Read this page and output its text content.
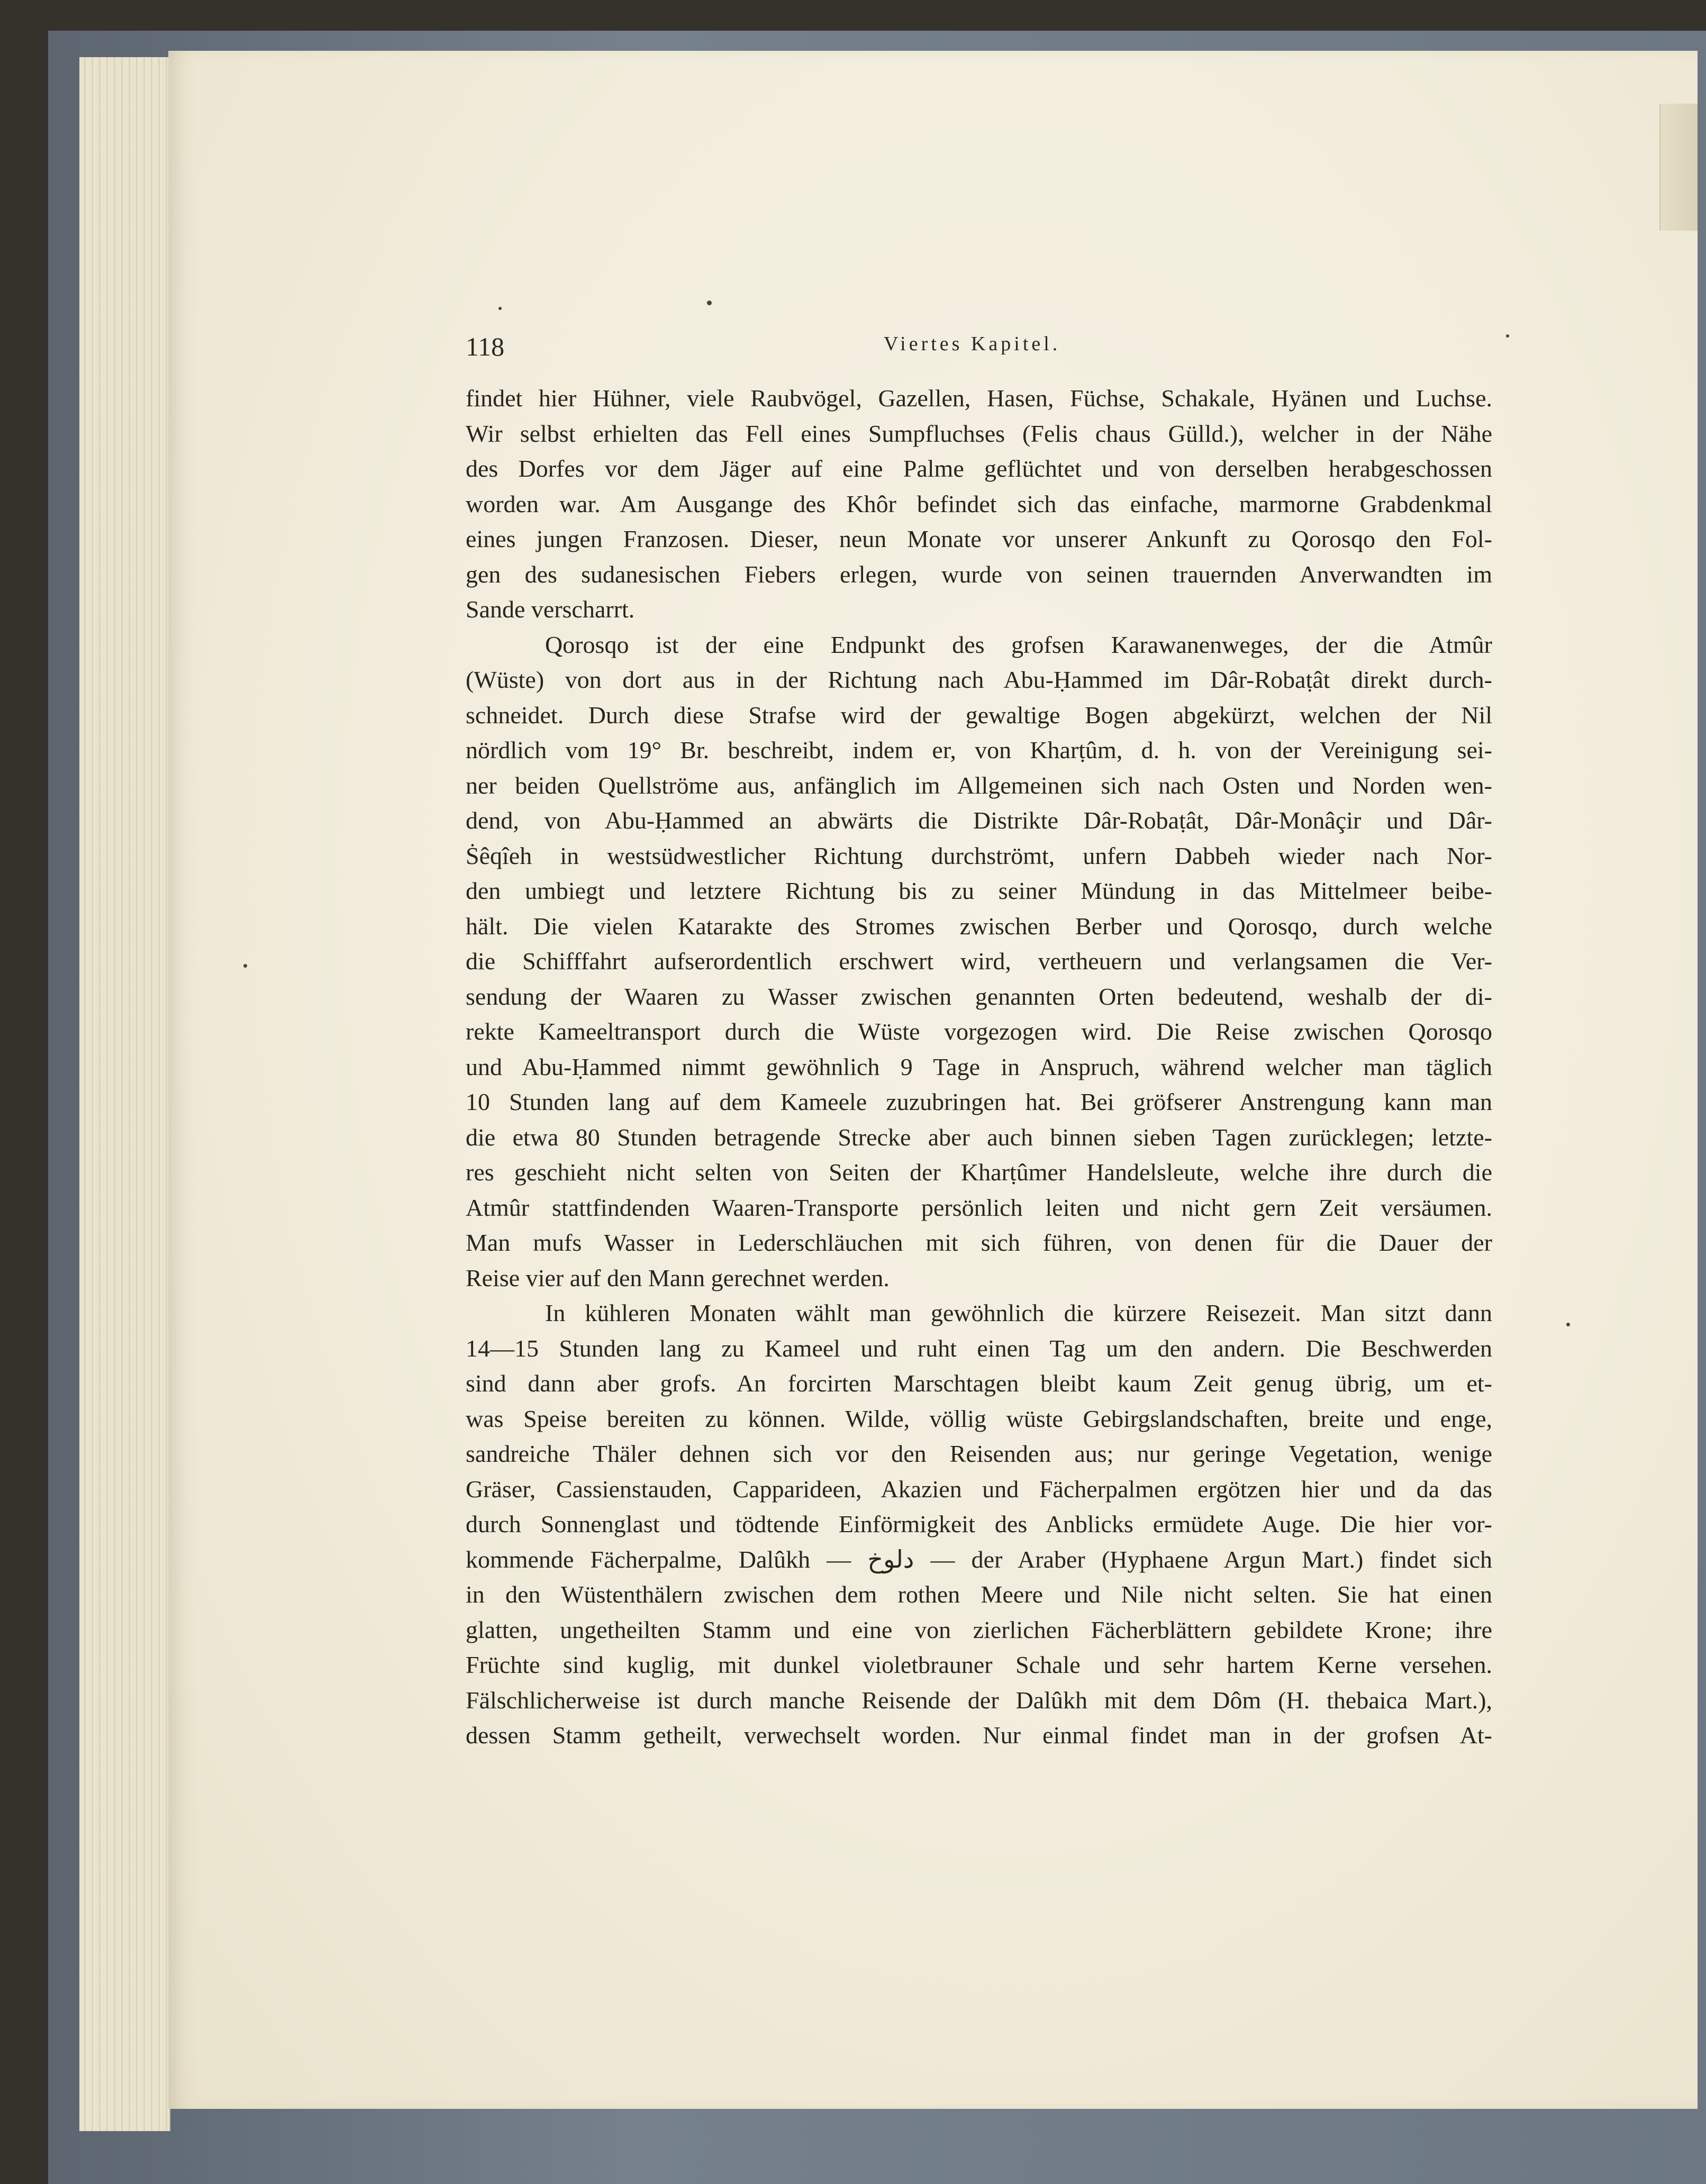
118	Viertes Kapitel.
findet hier Hühner, viele Raubvögel, Gazellen, Hasen, Füchse, Schakale, Hyänen und Luchse.
Wir selbst erhielten das Fell eines Sumpfluchses (Felis chaus Gülld.), welcher in der Nähe
des Dorfes vor dem Jäger auf eine Palme geflüchtet und von derselben herabgeschossen
worden war. Am Ausgange des Khôr befindet sich das einfache, marmorne Grabdenkmal
eines jungen Franzosen. Dieser, neun Monate vor unserer Ankunft zu Qorosqo den Fol-
gen des sudanesischen Fiebers erlegen, wurde von seinen trauernden Anverwandten im
Sande verscharrt.
Qorosqo ist der eine Endpunkt des grofsen Karawanenweges, der die Atmûr
(Wüste) von dort aus in der Richtung nach Abu-Ḥammed im Dâr-Robaṭât direkt durch-
schneidet. Durch diese Strafse wird der gewaltige Bogen abgekürzt, welchen der Nil
nördlich vom 19° Br. beschreibt, indem er, von Kharṭûm, d. h. von der Vereinigung sei-
ner beiden Quellströme aus, anfänglich im Allgemeinen sich nach Osten und Norden wen-
dend, von Abu-Ḥammed an abwärts die Distrikte Dâr-Robaṭât, Dâr-Monâçir und Dâr-
Ṡêqîeh in westsüdwestlicher Richtung durchströmt, unfern Dabbeh wieder nach Nor-
den umbiegt und letztere Richtung bis zu seiner Mündung in das Mittelmeer beibe-
hält. Die vielen Katarakte des Stromes zwischen Berber und Qorosqo, durch welche
die Schifffahrt aufserordentlich erschwert wird, vertheuern und verlangsamen die Ver-
sendung der Waaren zu Wasser zwischen genannten Orten bedeutend, weshalb der di-
rekte Kameeltransport durch die Wüste vorgezogen wird. Die Reise zwischen Qorosqo
und Abu-Ḥammed nimmt gewöhnlich 9 Tage in Anspruch, während welcher man täglich
10 Stunden lang auf dem Kameele zuzubringen hat. Bei gröfserer Anstrengung kann man
die etwa 80 Stunden betragende Strecke aber auch binnen sieben Tagen zurücklegen; letzte-
res geschieht nicht selten von Seiten der Kharṭûmer Handelsleute, welche ihre durch die
Atmûr stattfindenden Waaren-Transporte persönlich leiten und nicht gern Zeit versäumen.
Man mufs Wasser in Lederschläuchen mit sich führen, von denen für die Dauer der
Reise vier auf den Mann gerechnet werden.
In kühleren Monaten wählt man gewöhnlich die kürzere Reisezeit. Man sitzt dann
14—15 Stunden lang zu Kameel und ruht einen Tag um den andern. Die Beschwerden
sind dann aber grofs. An forcirten Marschtagen bleibt kaum Zeit genug übrig, um et-
was Speise bereiten zu können. Wilde, völlig wüste Gebirgslandschaften, breite und enge,
sandreiche Thäler dehnen sich vor den Reisenden aus; nur geringe Vegetation, wenige
Gräser, Cassienstauden, Capparideen, Akazien und Fächerpalmen ergötzen hier und da das
durch Sonnenglast und tödtende Einförmigkeit des Anblicks ermüdete Auge. Die hier vor-
kommende Fächerpalme, Dalûkh — دلوخ — der Araber (Hyphaene Argun Mart.) findet sich
in den Wüstenthälern zwischen dem rothen Meere und Nile nicht selten. Sie hat einen
glatten, ungetheilten Stamm und eine von zierlichen Fächerblättern gebildete Krone; ihre
Früchte sind kuglig, mit dunkel violetbrauner Schale und sehr hartem Kerne versehen.
Fälschlicherweise ist durch manche Reisende der Dalûkh mit dem Dôm (H. thebaica Mart.),
dessen Stamm getheilt, verwechselt worden. Nur einmal findet man in der grofsen At-
